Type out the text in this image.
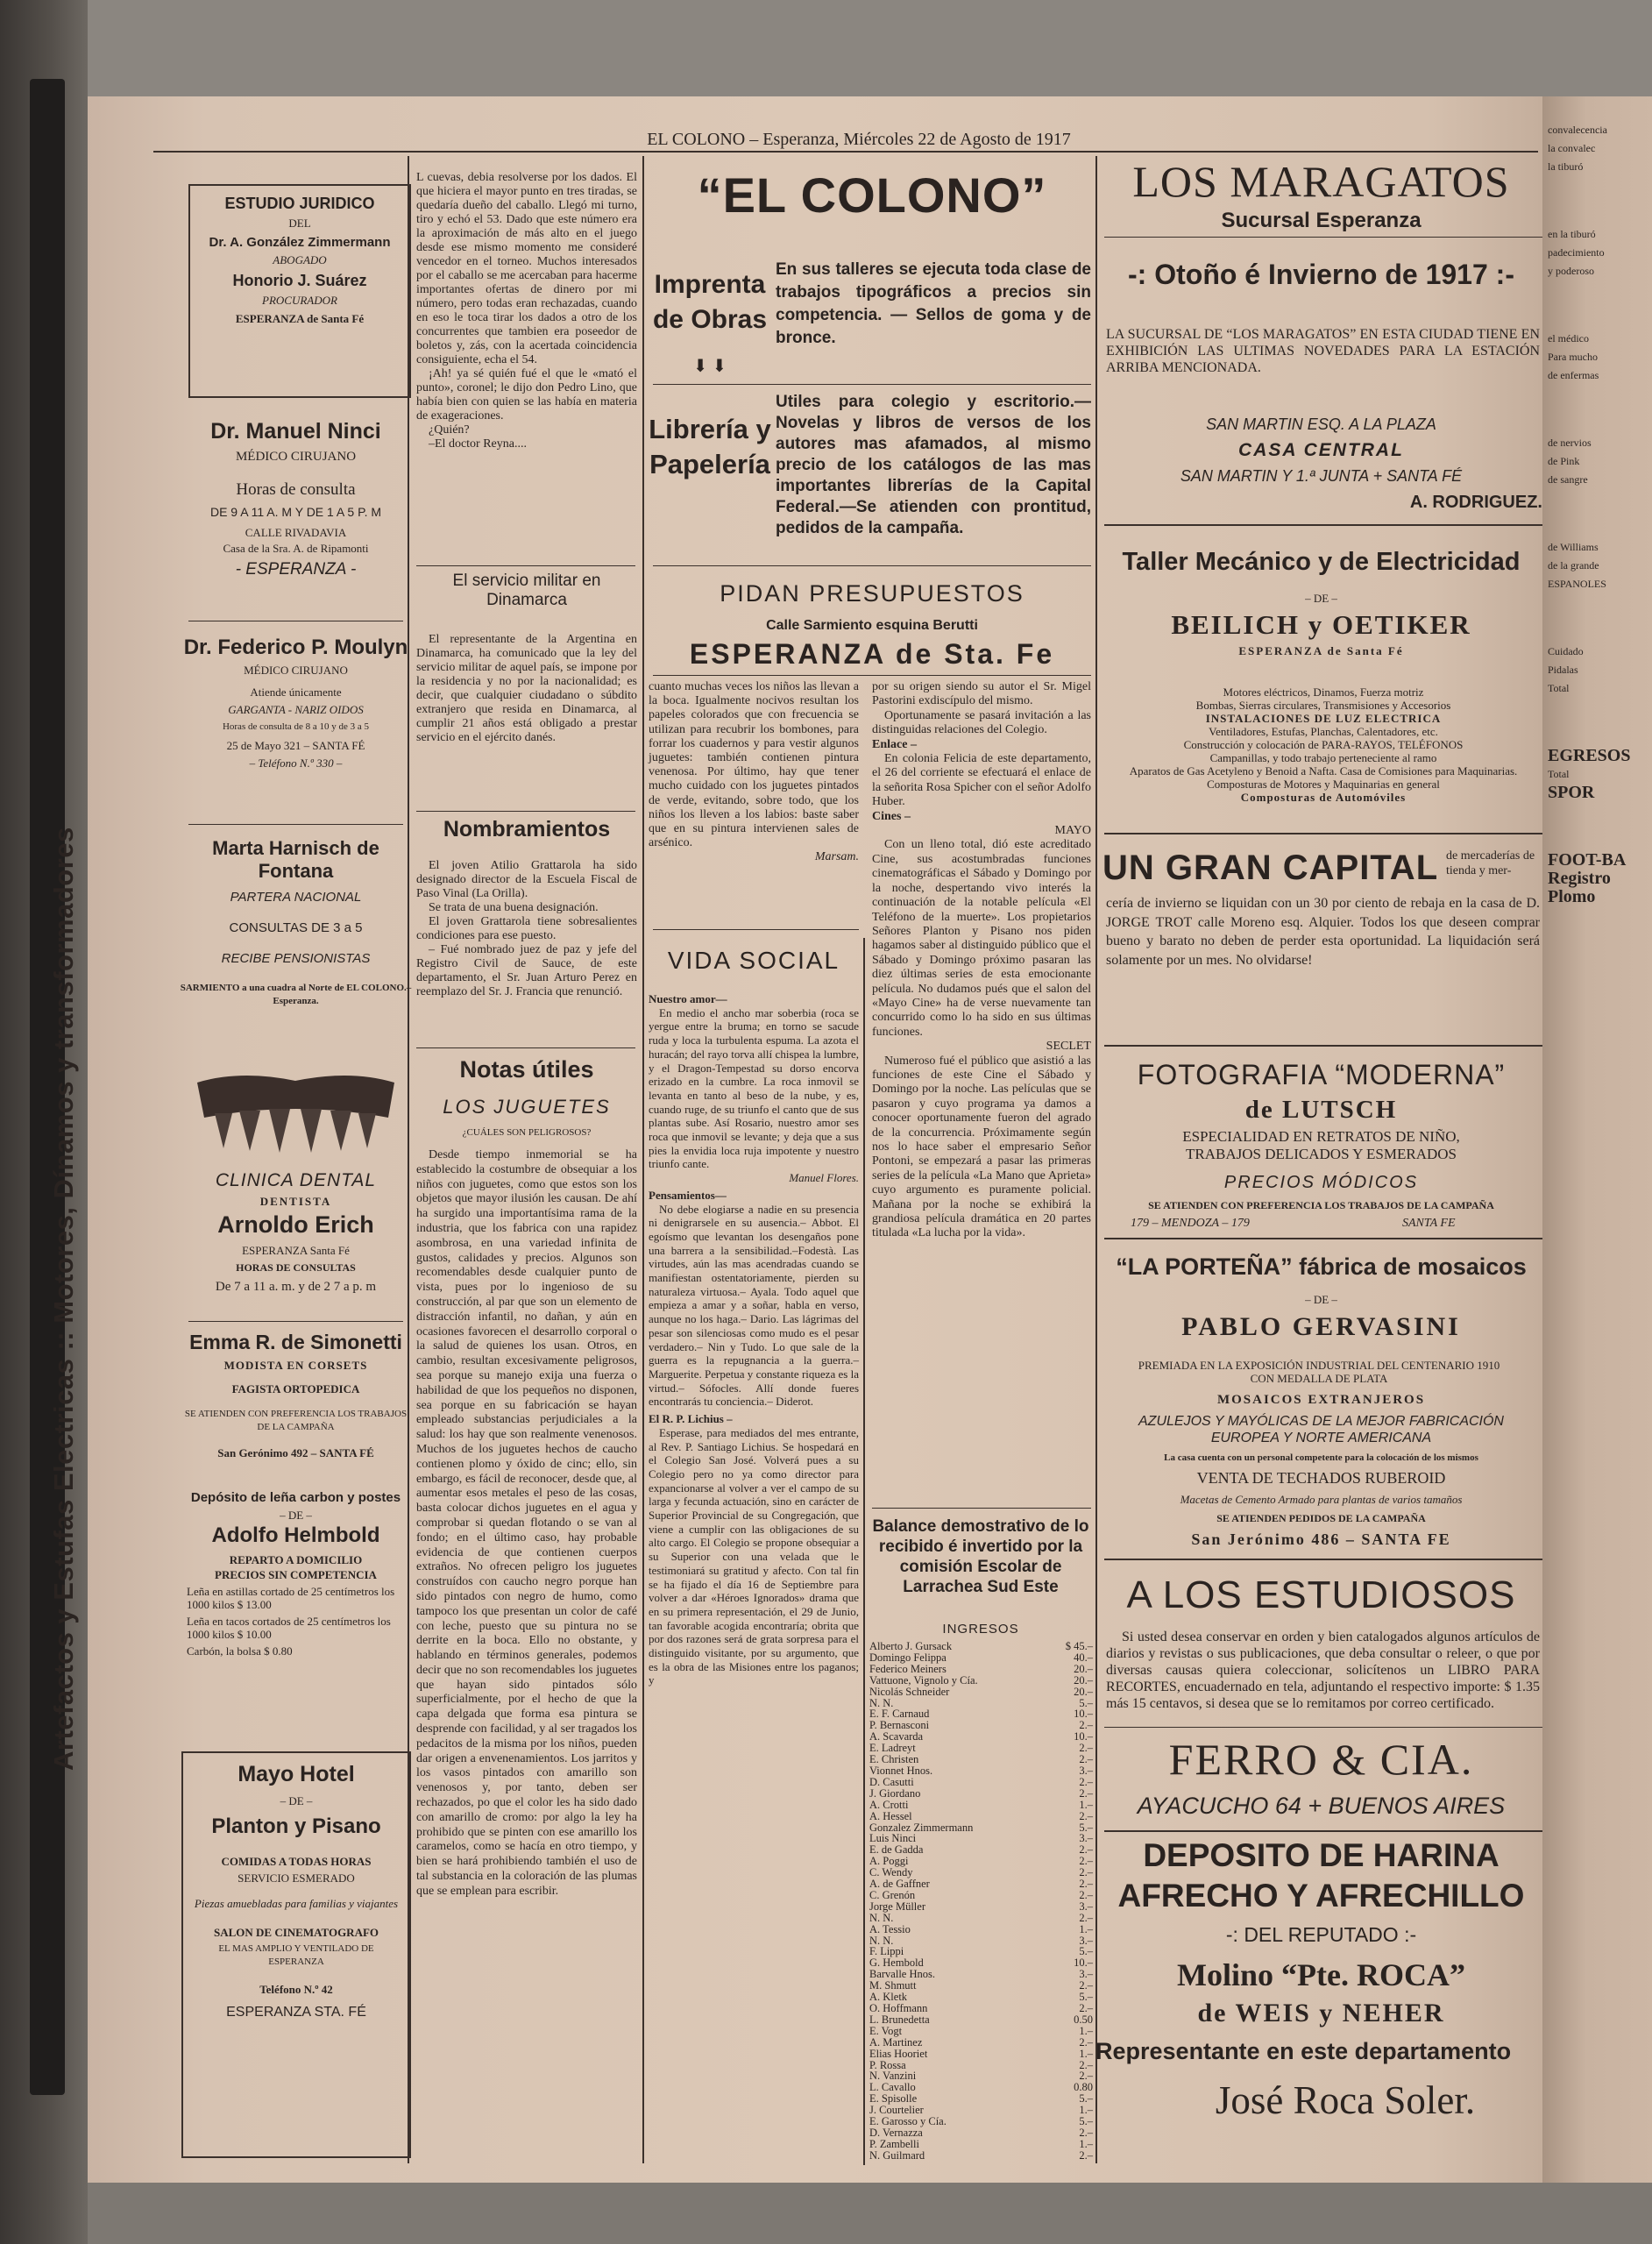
EL COLONO – Esperanza, Miércoles 22 de Agosto de 1917
Artefactos y Estufas Electricas :: Motores, Dínamos y transformadores
ESTUDIO JURIDICO
DEL
Dr. A. González Zimmermann
ABOGADO
Honorio J. Suárez
PROCURADOR
ESPERANZA de Santa Fé
Dr. Manuel Ninci
MÉDICO CIRUJANO
Horas de consulta
DE 9 A 11 A. M Y DE 1 A 5 P. M
CALLE RIVADAVIA
Casa de la Sra. A. de Ripamonti
- ESPERANZA -
Dr. Federico P. Moulyn
MÉDICO CIRUJANO
Atiende únicamente
GARGANTA - NARIZ OIDOS
Horas de consulta de 8 a 10 y de 3 a 5
25 de Mayo 321 – SANTA FÉ
– Teléfono N.º 330 –
Marta Harnisch de Fontana
PARTERA NACIONAL
CONSULTAS DE 3 a 5
RECIBE PENSIONISTAS
SARMIENTO a una cuadra al Norte de EL COLONO.–Esperanza.
CLINICA DENTAL
DENTISTA
Arnoldo Erich
ESPERANZA Santa Fé
HORAS DE CONSULTAS
De 7 a 11 a. m. y de 2 7 a p. m
Emma R. de Simonetti
MODISTA EN CORSETS
FAGISTA ORTOPEDICA
SE ATIENDEN CON PREFERENCIA LOS TRABAJOS DE LA CAMPAÑA
San Gerónimo 492 – SANTA FÉ
Depósito de leña carbon y postes
– DE –
Adolfo Helmbold
REPARTO A DOMICILIO
PRECIOS SIN COMPETENCIA
Leña en astillas cortado de 25 centímetros los 1000 kilos $ 13.00
Leña en tacos cortados de 25 centímetros los 1000 kilos $ 10.00
Carbón, la bolsa $ 0.80
Mayo Hotel
– DE –
Planton y Pisano
COMIDAS A TODAS HORAS
SERVICIO ESMERADO
Piezas amuebladas para familias y viajantes
SALON DE CINEMATOGRAFO
EL MAS AMPLIO Y VENTILADO DE ESPERANZA
Teléfono N.º 42
ESPERANZA STA. FÉ

L cuevas, debia resolverse por los dados. El que hiciera el mayor punto en tres tiradas, se quedaría dueño del caballo. Llegó mi turno, tiro y echó el 53. Dado que este número era la aproximación de más alto en el juego desde ese mismo momento me consideré vencedor en el torneo. Muchos interesados por el caballo se me acercaban para hacerme importantes ofertas de dinero por mi número, pero todas eran rechazadas, cuando en eso le toca tirar los dados a otro de los concurrentes que tambien era poseedor de boletos y, zás, con la acertada coincidencia consiguiente, echa el 54.

¡Ah! ya sé quién fué el que le «mató el punto», coronel; le dijo don Pedro Lino, que había bien con quien se las había en materia de exageraciones.

¿Quién?

–El doctor Reyna....

El servicio militar en Dinamarca
El representante de la Argentina en Dinamarca, ha comunicado que la ley del servicio militar de aquel país, se impone por la residencia y no por la nacionalidad; es decir, que cualquier ciudadano o súbdito extranjero que resida en Dinamarca, al cumplir 21 años está obligado a prestar servicio en el ejército danés.
Nombramientos

El joven Atilio Grattarola ha sido designado director de la Escuela Fiscal de Paso Vinal (La Orilla).

Se trata de una buena designación.

El joven Grattarola tiene sobresalientes condiciones para ese puesto.

– Fué nombrado juez de paz y jefe del Registro Civil de Sauce, de este departamento, el Sr. Juan Arturo Perez en reemplazo del Sr. J. Francia que renunció.

Notas útiles
LOS JUGUETES
¿CUÁLES SON PELIGROSOS?
Desde tiempo inmemorial se ha establecido la costumbre de obsequiar a los niños con juguetes, como que estos son los objetos que mayor ilusión les causan. De ahí ha surgido una importantísima rama de la industria, que los fabrica con una rapidez asombrosa, en una variedad infinita de gustos, calidades y precios. Algunos son recomendables desde cualquier punto de vista, pues por lo ingenioso de su construcción, al par que son un elemento de distracción infantil, no dañan, y aún en ocasiones favorecen el desarrollo corporal o la salud de quienes los usan. Otros, en cambio, resultan excesivamente peligrosos, sea porque su manejo exija una fuerza o habilidad de que los pequeños no disponen, sea porque en su fabricación se hayan empleado substancias perjudiciales a la salud: los hay que son realmente venenosos. Muchos de los juguetes hechos de caucho contienen plomo y óxido de cinc; ello, sin embargo, es fácil de reconocer, desde que, al aumentar esos metales el peso de las cosas, basta colocar dichos juguetes en el agua y comprobar si quedan flotando o se van al fondo; en el último caso, hay probable evidencia de que contienen cuerpos extraños. No ofrecen peligro los juguetes construídos con caucho negro porque han sido pintados con negro de humo, como tampoco los que presentan un color de café con leche, puesto que su pintura no se derrite en la boca. Ello no obstante, y hablando en términos generales, podemos decir que no son recomendables los juguetes que hayan sido pintados sólo superficialmente, por el hecho de que la capa delgada que forma esa pintura se desprende con facilidad, y al ser tragados los pedacitos de la misma por los niños, pueden dar origen a envenenamientos. Los jarritos y los vasos pintados con amarillo son venenosos y, por tanto, deben ser rechazados, po que el color les ha sido dado con amarillo de cromo: por algo la ley ha prohibido que se pinten con ese amarillo los caramelos, como se hacía en otro tiempo, y bien se hará prohibiendo también el uso de tal substancia en la coloración de las plumas que se emplean para escribir.
“EL COLONO”
Imprenta de Obras
En sus talleres se ejecuta toda clase de trabajos tipográficos a precios sin competencia. — Sellos de goma y de bronce.
⬇ ⬇
Librería y Papelería
Utiles para colegio y escritorio.—Novelas y libros de versos de los autores mas afamados, al mismo precio de los catálogos de las mas importantes librerías de la Capital Federal.—Se atienden con prontitud, pedidos de la campaña.
PIDAN PRESUPUESTOS
Calle Sarmiento esquina Berutti
ESPERANZA de Sta. Fe

cuanto muchas veces los niños las llevan a la boca. Igualmente nocivos resultan los papeles colorados que con frecuencia se utilizan para recubrir los bombones, para forrar los cuadernos y para vestir algunos juguetes: también contienen pintura venenosa. Por último, hay que tener mucho cuidado con los juguetes pintados de verde, evitando, sobre todo, que los niños los lleven a los labios: baste saber que en su pintura intervienen sales de arsénico.

Marsam.

VIDA SOCIAL

Nuestro amor—

En medio el ancho mar soberbia (roca se yergue entre la bruma; en torno se sacude ruda y loca la turbulenta espuma. La azota el huracán; del rayo torva allí chispea la lumbre, y el Dragon-Tempestad su dorso encorva erizado en la cumbre. La roca inmovil se levanta en tanto al beso de la nube, y es, cuando ruge, de su triunfo el canto que de sus plantas sube. Así Rosario, nuestro amor ses roca que inmovil se levante; y deja que a sus pies la envidia loca ruja impotente y nuestro triunfo cante.

Manuel Flores.

Pensamientos—

No debe elogiarse a nadie en su presencia ni denigrarsele en su ausencia.– Abbot. El egoísmo que levantan los desengaños pone una barrera a la sensibilidad.–Fodestà. Las virtudes, aún las mas acendradas cuando se manifiestan ostentatoriamente, pierden su naturaleza virtuosa.– Ayala. Todo aquel que empieza a amar y a soñar, habla en verso, aunque no los haga.– Dario. Las lágrimas del pesar son silenciosas como mudo es el pesar verdadero.– Nin y Tudo. Lo que sale de la guerra es la repugnancia a la guerra.– Marguerite. Perpetua y constante riqueza es la virtud.– Sófocles. Allí donde fueres encontrarás tu conciencia.– Diderot.

El R. P. Lichius –

Esperase, para mediados del mes entrante, al Rev. P. Santiago Lichius. Se hospedará en el Colegio San José. Volverá pues a su Colegio pero no ya como director para expancionarse al volver a ver el campo de su larga y fecunda actuación, sino en carácter de Superior Provincial de su Congregación, que viene a cumplir con las obligaciones de su alto cargo. El Colegio se propone obsequiar a su Superior con una velada que le testimoniará su gratitud y afecto. Con tal fin se ha fijado el día 16 de Septiembre para volver a dar «Héroes Ignorados» drama que en su primera representación, el 29 de Junio, tan favorable acogida encontraría; obrita que por dos razones será de grata sorpresa para el distinguido visitante, por su argumento, que es la obra de las Misiones entre los paganos; y

por su origen siendo su autor el Sr. Migel Pastorini exdiscípulo del mismo.

Oportunamente se pasará invitación a las distinguidas relaciones del Colegio.

Enlace –

En colonia Felicia de este departamento, el 26 del corriente se efectuará el enlace de la señorita Rosa Spicher con el señor Adolfo Huber.

Cines –

MAYO

Con un lleno total, dió este acreditado Cine, sus acostumbradas funciones cinematográficas el Sábado y Domingo por la noche, despertando vivo interés la continuación de la notable película «El Teléfono de la muerte». Los propietarios Señores Planton y Pisano nos piden hagamos saber al distinguido público que el Sábado y Domingo próximo pasaran las diez últimas series de esta emocionante película. No dudamos pués que el salon del «Mayo Cine» ha de verse nuevamente tan concurrido como lo ha sido en sus últimas funciones.

SECLET

Numeroso fué el público que asistió a las funciones de este Cine el Sábado y Domingo por la noche. Las películas que se pasaron y cuyo programa ya damos a conocer oportunamente fueron del agrado de la concurrencia. Próximamente según nos lo hace saber el empresario Señor Pontoni, se empezará a pasar las primeras series de la película «La Mano que Aprieta» cuyo argumento es puramente policial. Mañana por la noche se exhibirá la grandiosa película dramática en 20 partes titulada «La lucha por la vida».

Balance demostrativo de lo recibido é invertido por la comisión Escolar de Larrachea Sud Este
INGRESOS
Alberto J. Gursack
Domingo Felippa
Federico Meiners
Vattuone, Vignolo y Cía.
Nicolás Schneider
N. N.
E. F. Carnaud
P. Bernasconi
A. Scavarda
E. Ladreyt
E. Christen
Vionnet Hnos.
D. Casutti
J. Giordano
A. Crotti
A. Hessel
Gonzalez Zimmermann
Luis Ninci
E. de Gadda
A. Poggi
C. Wendy
A. de Gaffner
C. Grenón
Jorge Müller
N. N.
A. Tessio
N. N.
F. Lippi
G. Hembold
Barvalle Hnos.
M. Shmutt
A. Kletk
O. Hoffmann
L. Brunedetta
E. Vogt
A. Martinez
Elias Hooriet
P. Rossa
N. Vanzini
L. Cavallo
E. Spisolle
J. Courtelier
E. Garosso y Cía.
D. Vernazza
P. Zambelli
N. Guilmard
$ 45.–
40.–
20.–
20.–
20.–
5.–
10.–
2.–
10.–
2.–
2.–
3.–
2.–
2.–
1.–
2.–
5.–
3.–
2.–
2.–
2.–
2.–
2.–
3.–
2.–
1.–
3.–
5.–
10.–
3.–
2.–
5.–
2.–
0.50
1.–
2.–
1.–
2.–
2.–
0.80
5.–
1.–
5.–
2.–
1.–
2.–
LOS MARAGATOS
Sucursal Esperanza
-: Otoño é Invierno de 1917 :-
LA SUCURSAL DE “LOS MARAGATOS” EN ESTA CIUDAD TIENE EN EXHIBICIÓN LAS ULTIMAS NOVEDADES PARA LA ESTACIÓN ARRIBA MENCIONADA.
SAN MARTIN ESQ. A LA PLAZA
CASA CENTRAL
SAN MARTIN Y 1.ª JUNTA + SANTA FÉ
A. RODRIGUEZ.
Taller Mecánico y de Electricidad
– DE –
BEILICH y OETIKER
ESPERANZA de Santa Fé
Motores eléctricos, Dinamos, Fuerza motriz
Bombas, Sierras circulares, Transmisiones y Accesorios
INSTALACIONES DE LUZ ELECTRICA
Ventiladores, Estufas, Planchas, Calentadores, etc.
Construcción y colocación de PARA-RAYOS, TELÉFONOS
Campanillas, y todo trabajo perteneciente al ramo
Aparatos de Gas Acetyleno y Benoid a Nafta. Casa de Comisiones para Maquinarias. Composturas de Motores y Maquinarias en general
Composturas de Automóviles
UN GRAN CAPITAL de mercaderías de tienda y mer-
cería de invierno se liquidan con un 30 por ciento de rebaja en la casa de D. JORGE TROT calle Moreno esq. Alquier. Todos los que deseen comprar bueno y barato no deben de perder esta oportunidad. La liquidación será solamente por un mes. No olvidarse!
FOTOGRAFIA “MODERNA”
de LUTSCH
ESPECIALIDAD EN RETRATOS DE NIÑO,
TRABAJOS DELICADOS Y ESMERADOS
PRECIOS MÓDICOS
SE ATIENDEN CON PREFERENCIA LOS TRABAJOS DE LA CAMPAÑA
179 – MENDOZA – 179	SANTA FE
“LA PORTEÑA” fábrica de mosaicos
– DE –
PABLO GERVASINI
PREMIADA EN LA EXPOSICIÓN INDUSTRIAL DEL CENTENARIO 1910 CON MEDALLA DE PLATA
MOSAICOS EXTRANJEROS
AZULEJOS Y MAYÓLICAS DE LA MEJOR FABRICACIÓN EUROPEA Y NORTE AMERICANA
La casa cuenta con un personal competente para la colocación de los mismos
VENTA DE TECHADOS RUBEROID
Macetas de Cemento Armado para plantas de varios tamaños
SE ATIENDEN PEDIDOS DE LA CAMPAÑA
San Jerónimo 486 – SANTA FE
A LOS ESTUDIOSOS
Si usted desea conservar en orden y bien catalogados algunos artículos de diarios y revistas o sus publicaciones, que deba consultar o releer, o que por diversas causas quiera coleccionar, solicítenos un LIBRO PARA RECORTES, encuadernado en tela, adjuntando el respectivo importe: $ 1.35 más 15 centavos, si desea que se lo remitamos por correo certificado.
FERRO & CIA.
AYACUCHO 64 + BUENOS AIRES
DEPOSITO DE HARINA
AFRECHO Y AFRECHILLO
-: DEL REPUTADO :-
Molino “Pte. ROCA”
de WEIS y NEHER
Representante en este departamento
José Roca Soler.
convalecencia
la convalec
la tiburó
en la tiburó
padecimiento
y poderoso
el médico
Para mucho
de enfermas
de nervios
de Pink
de sangre
de Williams
de la grande
ESPANOLES
Cuidado
Pidalas
Total
EGRESOS
Total
SPOR
FOOT-BA
Registro
Plomo
